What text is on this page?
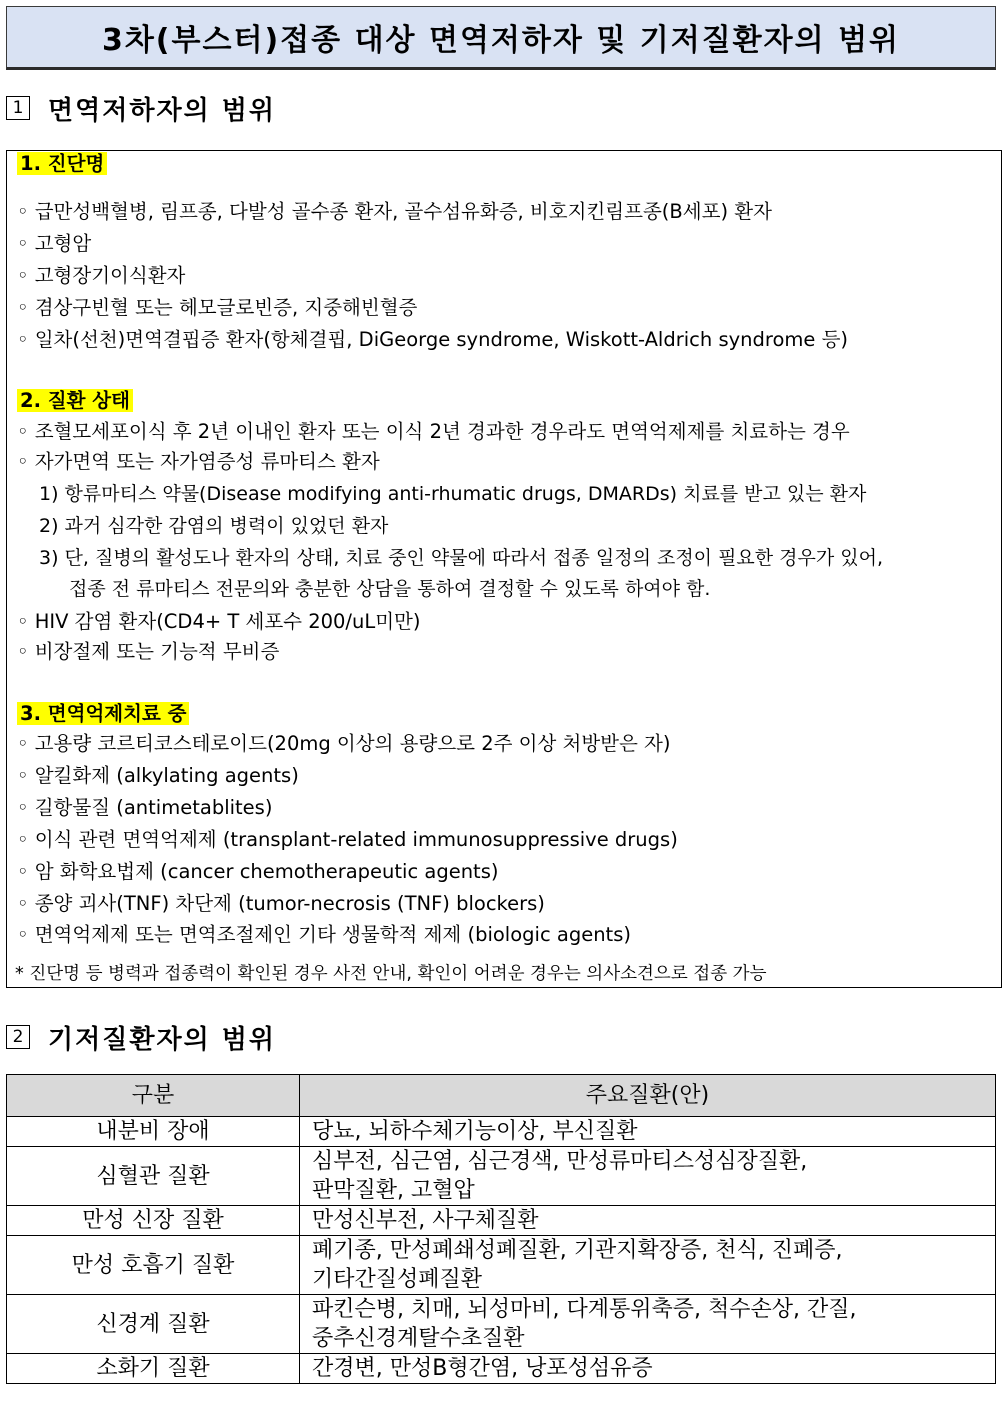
3차(부스터)접종 대상 면역저하자 및 기저질환자의 범위
1 면역저하자의 범위
1. 진단명
◦ 급만성백혈병, 림프종, 다발성 골수종 환자, 골수섬유화증, 비호지킨림프종(B세포) 환자
◦ 고형암
◦ 고형장기이식환자
◦ 겸상구빈혈 또는 헤모글로빈증, 지중해빈혈증
◦ 일차(선천)면역결핍증 환자(항체결핍, DiGeorge syndrome, Wiskott-Aldrich syndrome 등)
2. 질환 상태
◦ 조혈모세포이식 후 2년 이내인 환자 또는 이식 2년 경과한 경우라도 면역억제제를 치료하는 경우
◦ 자가면역 또는 자가염증성 류마티스 환자
1) 항류마티스 약물(Disease modifying anti-rhumatic drugs, DMARDs) 치료를 받고 있는 환자
2) 과거 심각한 감염의 병력이 있었던 환자
3) 단, 질병의 활성도나 환자의 상태, 치료 중인 약물에 따라서 접종 일정의 조정이 필요한 경우가 있어,
접종 전 류마티스 전문의와 충분한 상담을 통하여 결정할 수 있도록 하여야 함.
◦ HIV 감염 환자(CD4+ T 세포수 200/uL미만)
◦ 비장절제 또는 기능적 무비증
3. 면역억제치료 중
◦ 고용량 코르티코스테로이드(20mg 이상의 용량으로 2주 이상 처방받은 자)
◦ 알킬화제 (alkylating agents)
◦ 길항물질 (antimetablites)
◦ 이식 관련 면역억제제 (transplant-related immunosuppressive drugs)
◦ 암 화학요법제 (cancer chemotherapeutic agents)
◦ 종양 괴사(TNF) 차단제 (tumor-necrosis (TNF) blockers)
◦ 면역억제제 또는 면역조절제인 기타 생물학적 제제 (biologic agents)
* 진단명 등 병력과 접종력이 확인된 경우 사전 안내, 확인이 어려운 경우는 의사소견으로 접종 가능
2 기저질환자의 범위
구분	주요질환(안)
내분비 장애	당뇨, 뇌하수체기능이상, 부신질환

심혈관 질환	심부전, 심근염, 심근경색, 만성류마티스성심장질환,
판막질환, 고혈압

만성 신장 질환	만성신부전, 사구체질환

만성 호흡기 질환	폐기종, 만성폐쇄성폐질환, 기관지확장증, 천식, 진폐증,
기타간질성폐질환

신경계 질환	파킨슨병, 치매, 뇌성마비, 다계통위축증, 척수손상, 간질,
중추신경계탈수초질환

소화기 질환	간경변, 만성B형간염, 낭포성섬유증
